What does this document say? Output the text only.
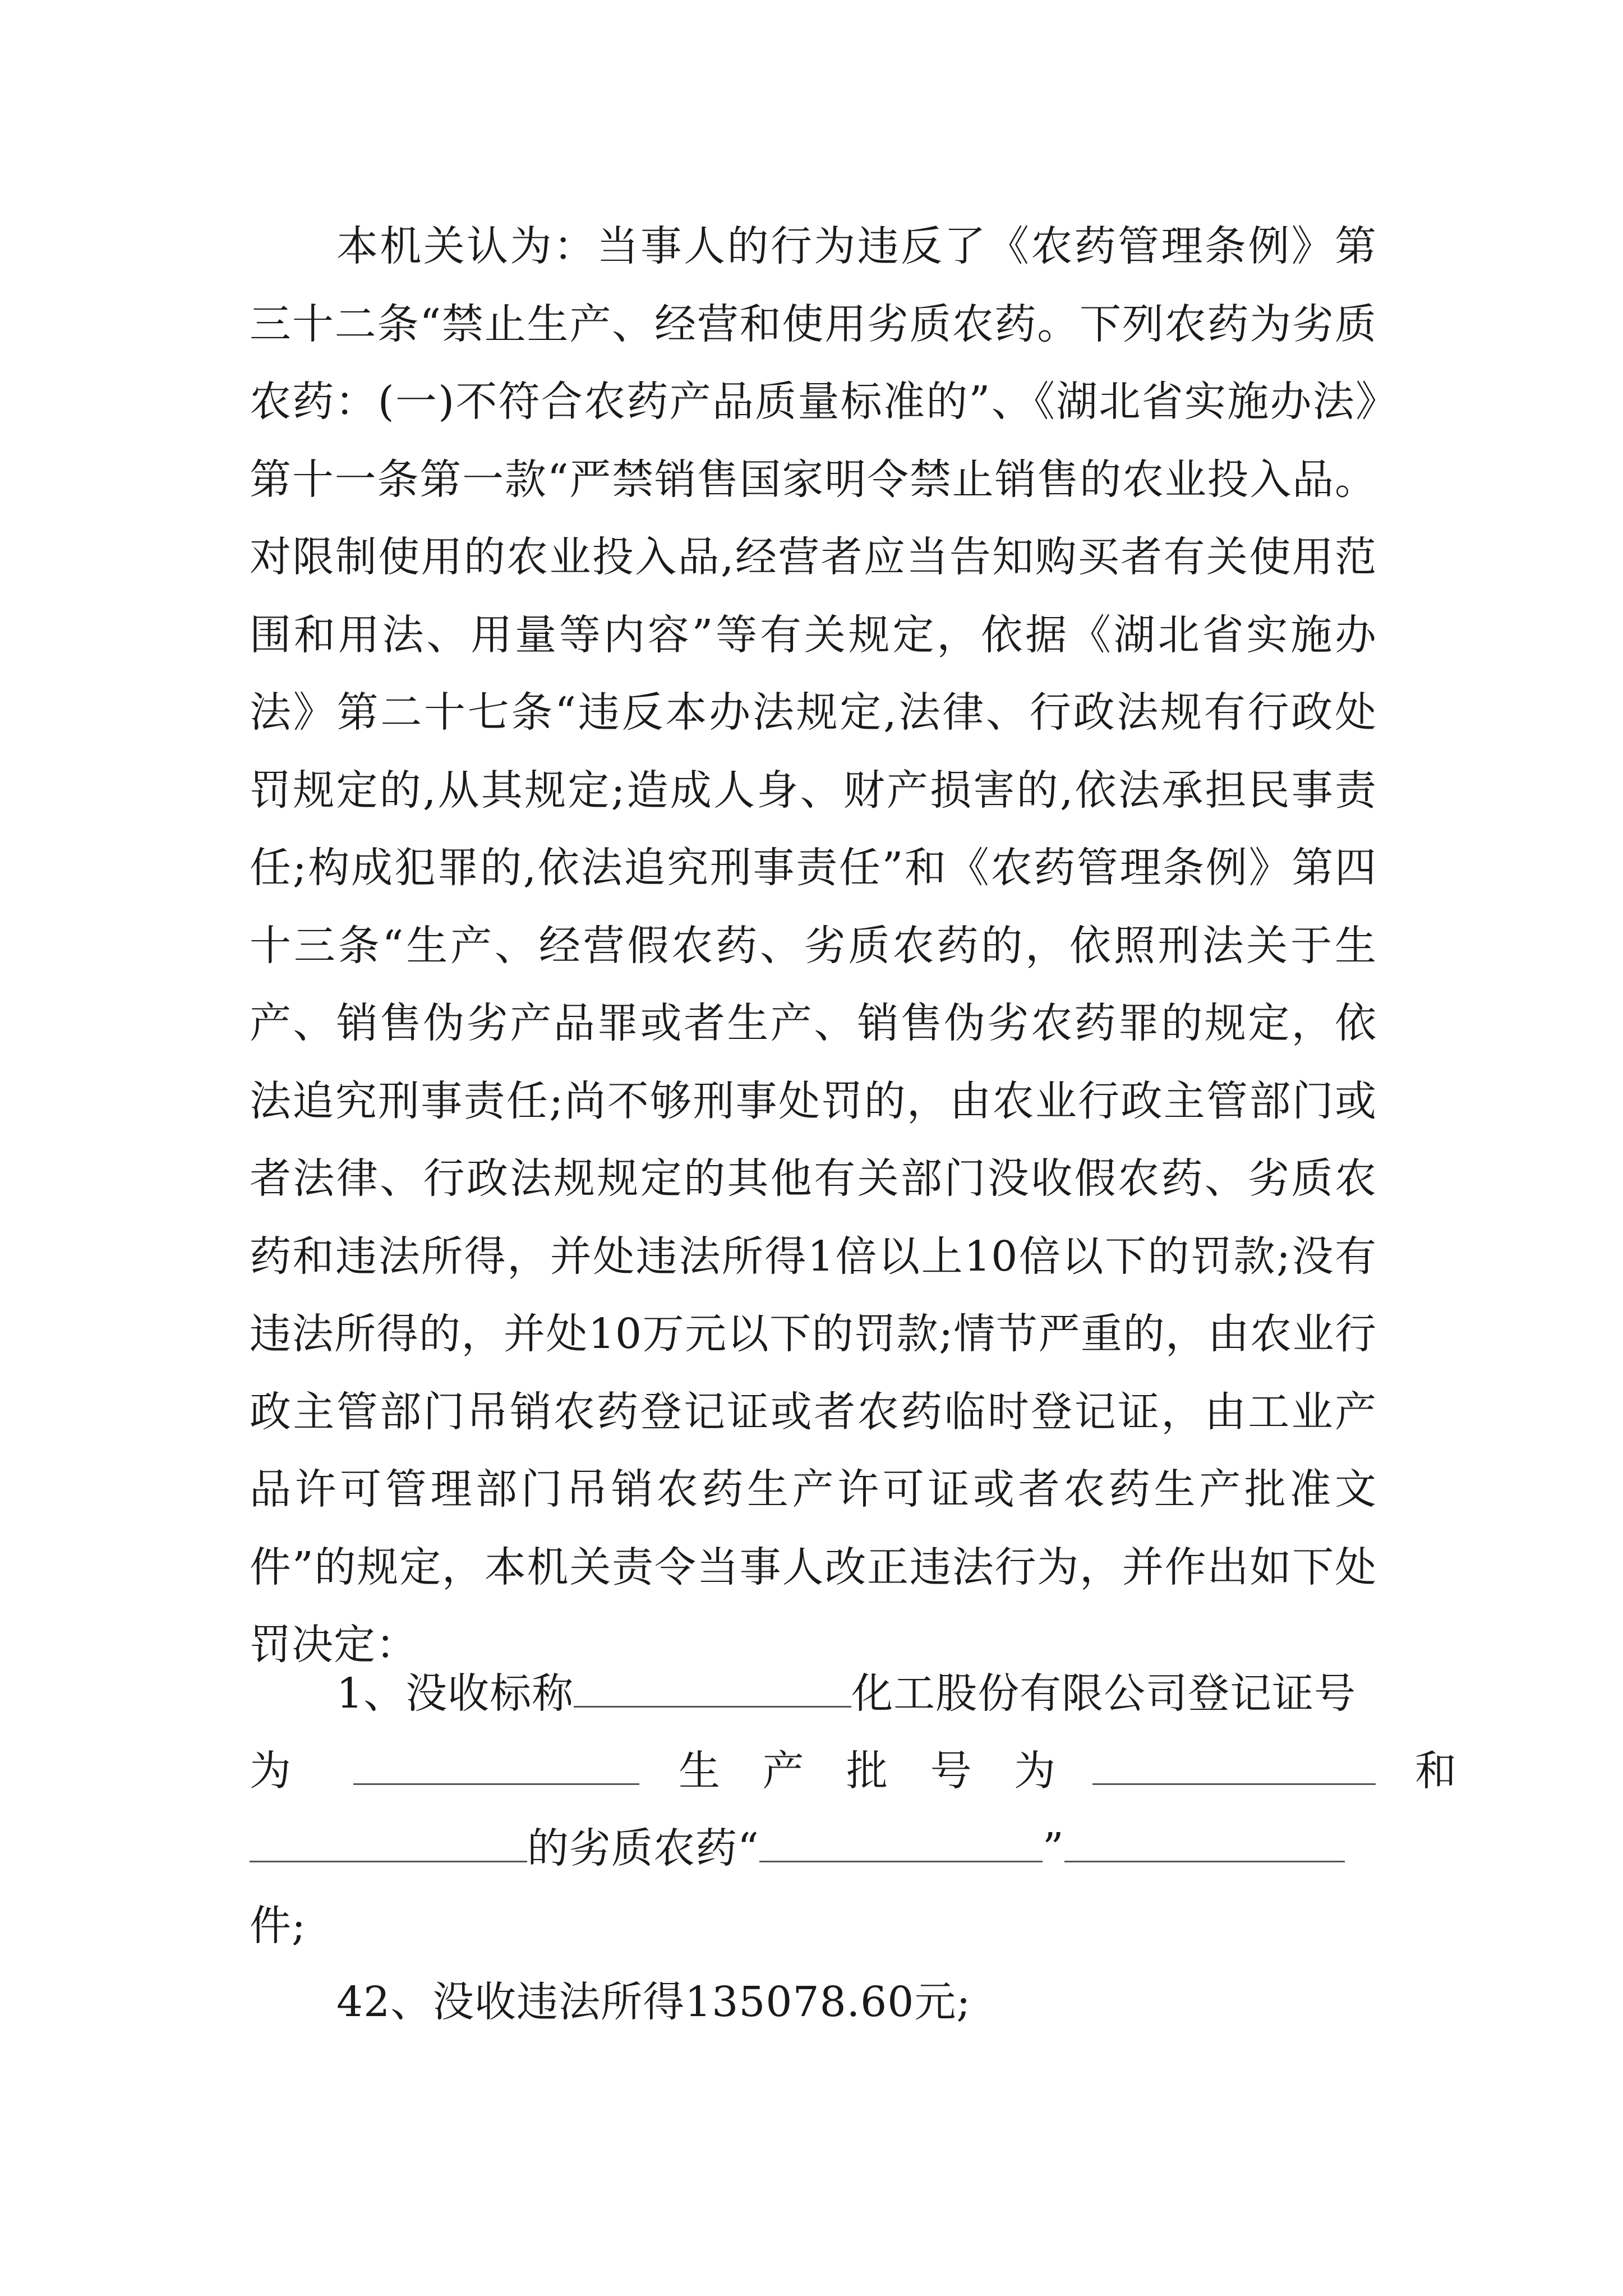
本机关认为：当事人的行为违反了《农药管理条例》第三十二条“禁止生产、经营和使用劣质农药。下列农药为劣质农药：(一)不符合农药产品质量标准的”、《湖北省实施办法》第十一条第一款“严禁销售国家明令禁止销售的农业投入品。对限制使用的农业投入品,经营者应当告知购买者有关使用范围和用法、用量等内容”等有关规定，依据《湖北省实施办法》第二十七条“违反本办法规定,法律、行政法规有行政处罚规定的,从其规定;造成人身、财产损害的,依法承担民事责任;构成犯罪的,依法追究刑事责任”和《农药管理条例》第四十三条“生产、经营假农药、劣质农药的，依照刑法关于生产、销售伪劣产品罪或者生产、销售伪劣农药罪的规定，依法追究刑事责任;尚不够刑事处罚的，由农业行政主管部门或者法律、行政法规规定的其他有关部门没收假农药、劣质农药和违法所得，并处违法所得1倍以上10倍以下的罚款;没有违法所得的，并处10万元以下的罚款;情节严重的，由农业行政主管部门吊销农药登记证或者农药临时登记证，由工业产品许可管理部门吊销农药生产许可证或者农药生产批准文件”的规定，本机关责令当事人改正违法行为，并作出如下处罚决定：

1、没收标称	化工股份有限公司登记证号
为	生 产 批 号 为	和
的劣质农药“	”
件;

42、没收违法所得135078.60元;
